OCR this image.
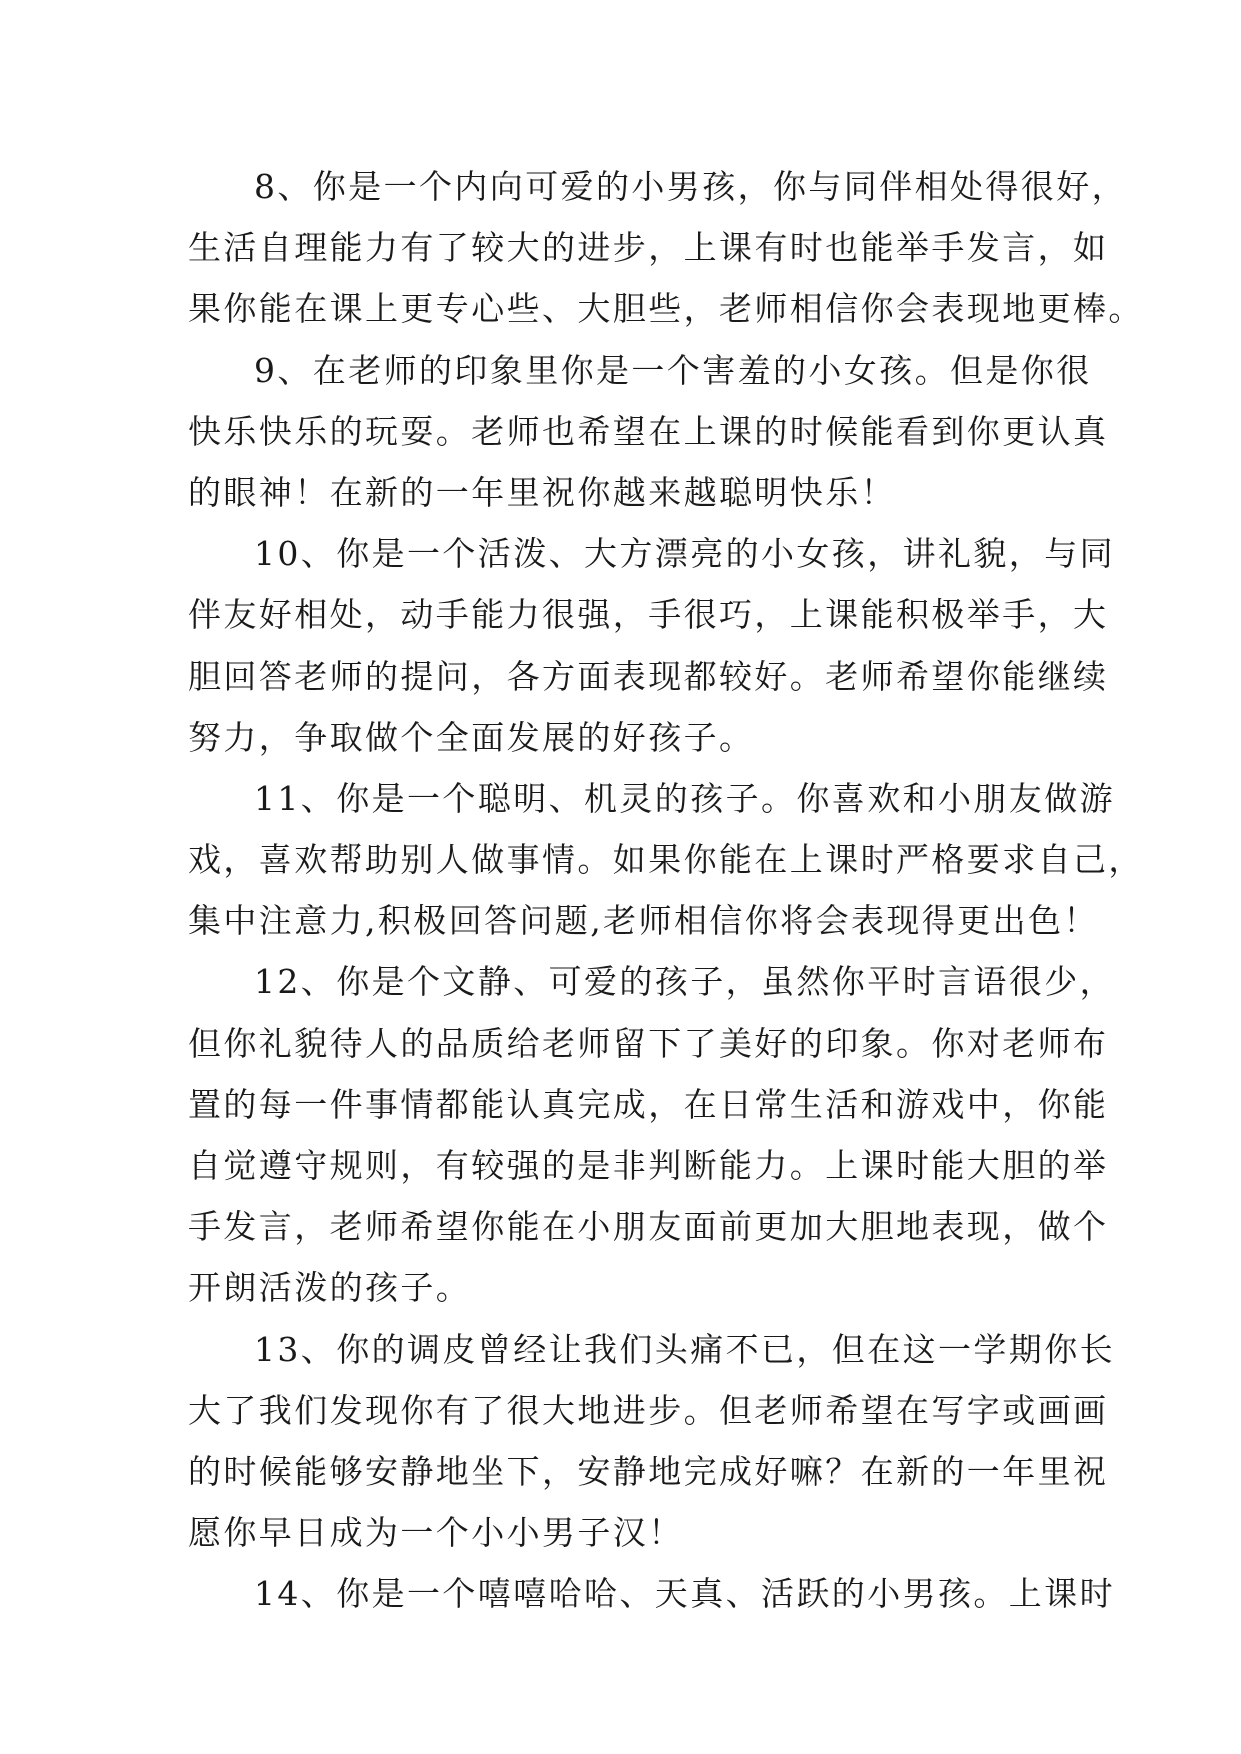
8、你是一个内向可爱的小男孩，你与同伴相处得很好，
生活自理能力有了较大的进步，上课有时也能举手发言，如
果你能在课上更专心些、大胆些，老师相信你会表现地更棒。
9、在老师的印象里你是一个害羞的小女孩。但是你很
快乐快乐的玩耍。老师也希望在上课的时候能看到你更认真
的眼神！在新的一年里祝你越来越聪明快乐！
10、你是一个活泼、大方漂亮的小女孩，讲礼貌，与同
伴友好相处，动手能力很强，手很巧，上课能积极举手，大
胆回答老师的提问，各方面表现都较好。老师希望你能继续
努力，争取做个全面发展的好孩子。
11、你是一个聪明、机灵的孩子。你喜欢和小朋友做游
戏，喜欢帮助别人做事情。如果你能在上课时严格要求自己，
集中注意力,积极回答问题,老师相信你将会表现得更出色！
12、你是个文静、可爱的孩子，虽然你平时言语很少，
但你礼貌待人的品质给老师留下了美好的印象。你对老师布
置的每一件事情都能认真完成，在日常生活和游戏中，你能
自觉遵守规则，有较强的是非判断能力。上课时能大胆的举
手发言，老师希望你能在小朋友面前更加大胆地表现，做个
开朗活泼的孩子。
13、你的调皮曾经让我们头痛不已，但在这一学期你长
大了我们发现你有了很大地进步。但老师希望在写字或画画
的时候能够安静地坐下，安静地完成好嘛？在新的一年里祝
愿你早日成为一个小小男子汉！
14、你是一个嘻嘻哈哈、天真、活跃的小男孩。上课时
